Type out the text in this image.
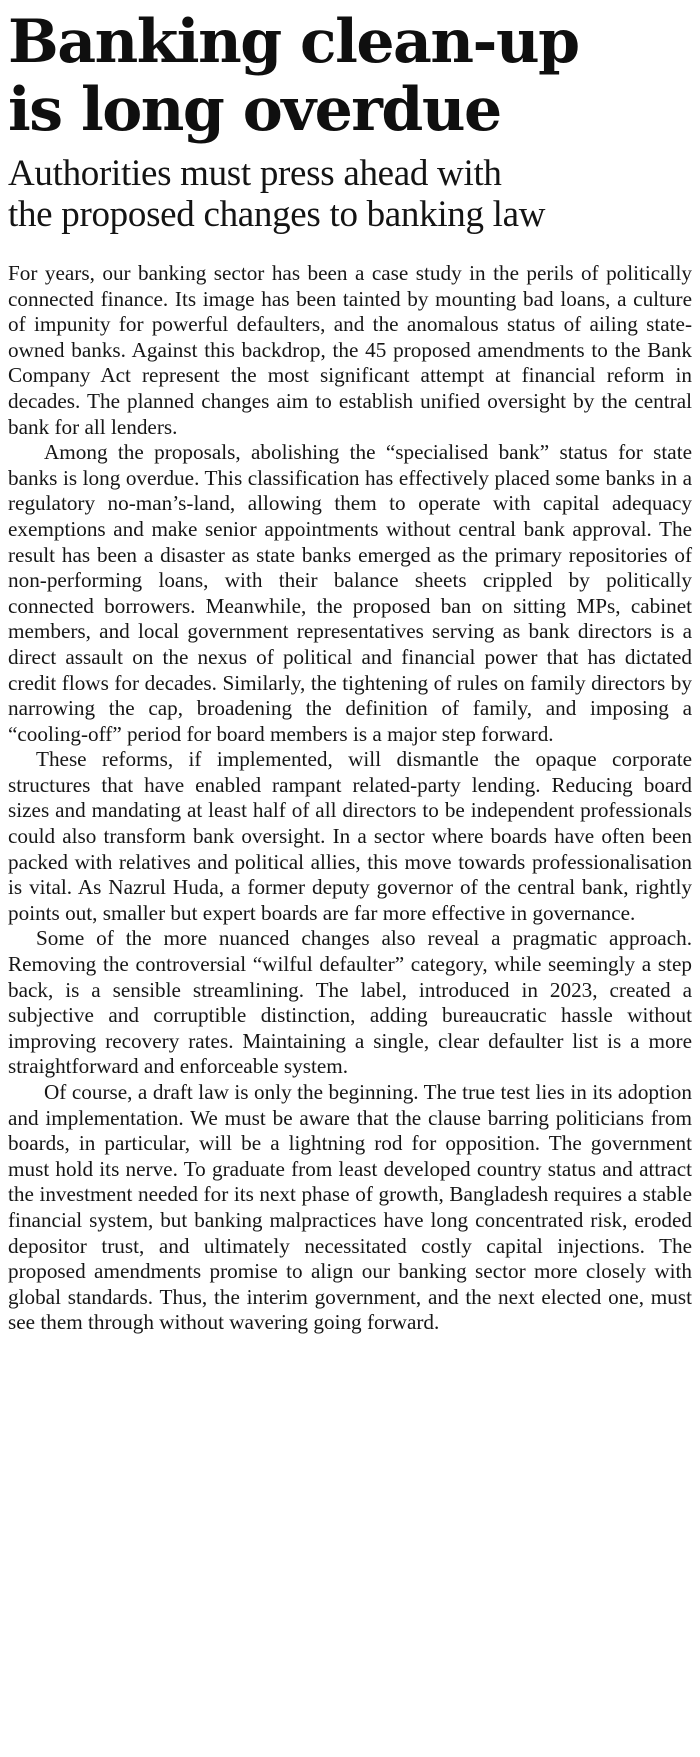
Banking clean-up
is long overdue
Authorities must press ahead with
the proposed changes to banking law

For years, our banking sector has been a case study in the perils of politically connected finance. Its image has been tainted by mounting bad loans, a culture of impunity for powerful defaulters, and the anomalous status of ailing state-owned banks. Against this backdrop, the 45 proposed amendments to the Bank Company Act represent the most significant attempt at financial reform in decades. The planned changes aim to establish unified oversight by the central bank for all lenders.

Among the proposals, abolishing the “specialised bank” status for state banks is long overdue. This classification has effectively placed some banks in a regulatory no-man’s-land, allowing them to operate with capital adequacy exemptions and make senior appointments without central bank approval. The result has been a disaster as state banks emerged as the primary repositories of non-performing loans, with their balance sheets crippled by politically connected borrowers. Meanwhile, the proposed ban on sitting MPs, cabinet members, and local government representatives serving as bank directors is a direct assault on the nexus of political and financial power that has dictated credit flows for decades. Similarly, the tightening of rules on family directors by narrowing the cap, broadening the definition of family, and imposing a “cooling-off” period for board members is a major step forward.

These reforms, if implemented, will dismantle the opaque corporate structures that have enabled rampant related-party lending. Reducing board sizes and mandating at least half of all directors to be independent professionals could also transform bank oversight. In a sector where boards have often been packed with relatives and political allies, this move towards professionalisation is vital. As Nazrul Huda, a former deputy governor of the central bank, rightly points out, smaller but expert boards are far more effective in governance.

Some of the more nuanced changes also reveal a pragmatic approach. Removing the controversial “wilful defaulter” category, while seemingly a step back, is a sensible streamlining. The label, introduced in 2023, created a subjective and corruptible distinction, adding bureaucratic hassle without improving recovery rates. Maintaining a single, clear defaulter list is a more straightforward and enforceable system.

Of course, a draft law is only the beginning. The true test lies in its adoption and implementation. We must be aware that the clause barring politicians from boards, in particular, will be a lightning rod for opposition. The government must hold its nerve. To graduate from least developed country status and attract the investment needed for its next phase of growth, Bangladesh requires a stable financial system, but banking malpractices have long concentrated risk, eroded depositor trust, and ultimately necessitated costly capital injections. The proposed amendments promise to align our banking sector more closely with global standards. Thus, the interim government, and the next elected one, must see them through without wavering going forward.
